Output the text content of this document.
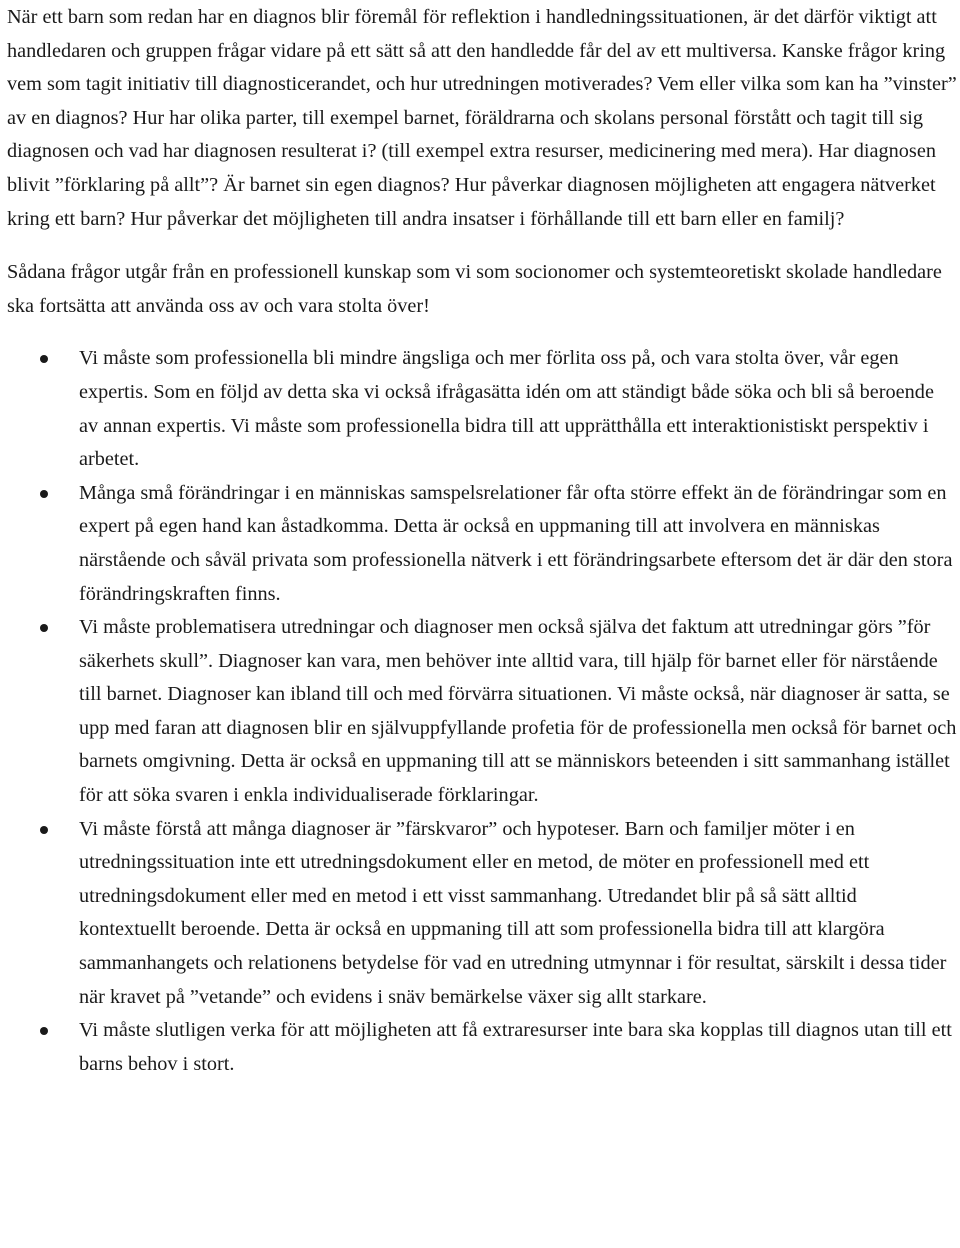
När ett barn som redan har en diagnos blir föremål för reflektion i handledningssituationen, är det därför viktigt att handledaren och gruppen frågar vidare på ett sätt så att den handledde får del av ett multiversa. Kanske frågor kring vem som tagit initiativ till diagnosticerandet, och hur utredningen motiverades? Vem eller vilka som kan ha ”vinster” av en diagnos? Hur har olika parter, till exempel barnet, föräldrarna och skolans personal förstått och tagit till sig diagnosen och vad har diagnosen resulterat i? (till exempel extra resurser, medicinering med mera). Har diagnosen blivit ”förklaring på allt”? Är barnet sin egen diagnos? Hur påverkar diagnosen möjligheten att engagera nätverket kring ett barn? Hur påverkar det möjligheten till andra insatser i förhållande till ett barn eller en familj?

Sådana frågor utgår från en professionell kunskap som vi som socionomer och systemteoretiskt skolade handledare ska fortsätta att använda oss av och vara stolta över!

Vi måste som professionella bli mindre ängsliga och mer förlita oss på, och vara stolta över, vår egen expertis. Som en följd av detta ska vi också ifrågasätta idén om att ständigt både söka och bli så beroende av annan expertis. Vi måste som professionella bidra till att upprätthålla ett interaktionistiskt perspektiv i arbetet.
Många små förändringar i en människas samspelsrelationer får ofta större effekt än de förändringar som en expert på egen hand kan åstadkomma. Detta är också en uppmaning till att involvera en människas närstående och såväl privata som professionella nätverk i ett förändringsarbete eftersom det är där den stora förändringskraften finns.
Vi måste problematisera utredningar och diagnoser men också själva det faktum att utredningar görs ”för säkerhets skull”. Diagnoser kan vara, men behöver inte alltid vara, till hjälp för barnet eller för närstående till barnet. Diagnoser kan ibland till och med förvärra situationen. Vi måste också, när diagnoser är satta, se upp med faran att diagnosen blir en självuppfyllande profetia för de professionella men också för barnet och barnets omgivning. Detta är också en uppmaning till att se människors beteenden i sitt sammanhang istället för att söka svaren i enkla individualiserade förklaringar.
Vi måste förstå att många diagnoser är ”färskvaror” och hypoteser. Barn och familjer möter i en utredningssituation inte ett utredningsdokument eller en metod, de möter en professionell med ett utredningsdokument eller med en metod i ett visst sammanhang. Utredandet blir på så sätt alltid kontextuellt beroende. Detta är också en uppmaning till att som professionella bidra till att klargöra sammanhangets och relationens betydelse för vad en utredning utmynnar i för resultat, särskilt i dessa tider när kravet på ”vetande” och evidens i snäv bemärkelse växer sig allt starkare.
Vi måste slutligen verka för att möjligheten att få extraresurser inte bara ska kopplas till diagnos utan till ett barns behov i stort.
